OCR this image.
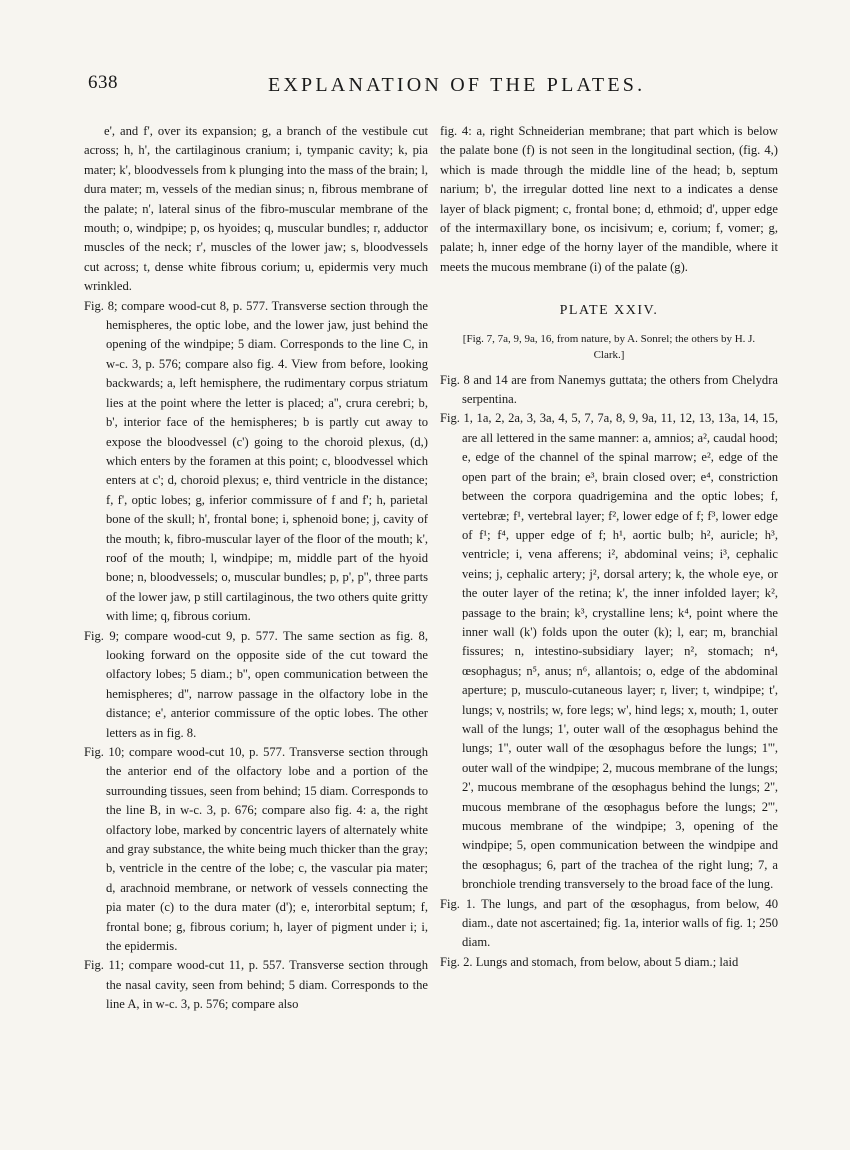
638	EXPLANATION OF THE PLATES.

e', and f', over its expansion; g, a branch of the vestibule cut across; h, h', the cartilaginous cranium; i, tympanic cavity; k, pia mater; k', bloodvessels from k plunging into the mass of the brain; l, dura mater; m, vessels of the median sinus; n, fibrous membrane of the palate; n', lateral sinus of the fibro-muscular membrane of the mouth; o, windpipe; p, os hyoides; q, muscular bundles; r, adductor muscles of the neck; r', muscles of the lower jaw; s, bloodvessels cut across; t, dense white fibrous corium; u, epidermis very much wrinkled.

Fig. 8; compare wood-cut 8, p. 577. Transverse section through the hemispheres, the optic lobe, and the lower jaw, just behind the opening of the windpipe; 5 diam. Corresponds to the line C, in w-c. 3, p. 576; compare also fig. 4. View from before, looking backwards; a, left hemisphere, the rudimentary corpus striatum lies at the point where the letter is placed; a'', crura cerebri; b, b', interior face of the hemispheres; b is partly cut away to expose the bloodvessel (c') going to the choroid plexus, (d,) which enters by the foramen at this point; c, bloodvessel which enters at c'; d, choroid plexus; e, third ventricle in the distance; f, f', optic lobes; g, inferior commissure of f and f'; h, parietal bone of the skull; h', frontal bone; i, sphenoid bone; j, cavity of the mouth; k, fibro-muscular layer of the floor of the mouth; k', roof of the mouth; l, windpipe; m, middle part of the hyoid bone; n, bloodvessels; o, muscular bundles; p, p', p'', three parts of the lower jaw, p still cartilaginous, the two others quite gritty with lime; q, fibrous corium.

Fig. 9; compare wood-cut 9, p. 577. The same section as fig. 8, looking forward on the opposite side of the cut toward the olfactory lobes; 5 diam.; b'', open communication between the hemispheres; d'', narrow passage in the olfactory lobe in the distance; e', anterior commissure of the optic lobes. The other letters as in fig. 8.

Fig. 10; compare wood-cut 10, p. 577. Transverse section through the anterior end of the olfactory lobe and a portion of the surrounding tissues, seen from behind; 15 diam. Corresponds to the line B, in w-c. 3, p. 676; compare also fig. 4: a, the right olfactory lobe, marked by concentric layers of alternately white and gray substance, the white being much thicker than the gray; b, ventricle in the centre of the lobe; c, the vascular pia mater; d, arachnoid membrane, or network of vessels connecting the pia mater (c) to the dura mater (d'); e, interorbital septum; f, frontal bone; g, fibrous corium; h, layer of pigment under i; i, the epidermis.

Fig. 11; compare wood-cut 11, p. 557. Transverse section through the nasal cavity, seen from behind; 5 diam. Corresponds to the line A, in w-c. 3, p. 576; compare also

fig. 4: a, right Schneiderian membrane; that part which is below the palate bone (f) is not seen in the longitudinal section, (fig. 4,) which is made through the middle line of the head; b, septum narium; b', the irregular dotted line next to a indicates a dense layer of black pigment; c, frontal bone; d, ethmoid; d', upper edge of the intermaxillary bone, os incisivum; e, corium; f, vomer; g, palate; h, inner edge of the horny layer of the mandible, where it meets the mucous membrane (i) of the palate (g).

PLATE XXIV.
[Fig. 7, 7a, 9, 9a, 16, from nature, by A. Sonrel; the others by H. J. Clark.]

Fig. 8 and 14 are from Nanemys guttata; the others from Chelydra serpentina.

Fig. 1, 1a, 2, 2a, 3, 3a, 4, 5, 7, 7a, 8, 9, 9a, 11, 12, 13, 13a, 14, 15, are all lettered in the same manner: a, amnios; a², caudal hood; e, edge of the channel of the spinal marrow; e², edge of the open part of the brain; e³, brain closed over; e⁴, constriction between the corpora quadrigemina and the optic lobes; f, vertebræ; f¹, vertebral layer; f², lower edge of f; f³, lower edge of f¹; f⁴, upper edge of f; h¹, aortic bulb; h², auricle; h³, ventricle; i, vena afferens; i², abdominal veins; i³, cephalic veins; j, cephalic artery; j², dorsal artery; k, the whole eye, or the outer layer of the retina; k', the inner infolded layer; k², passage to the brain; k³, crystalline lens; k⁴, point where the inner wall (k') folds upon the outer (k); l, ear; m, branchial fissures; n, intestino-subsidiary layer; n², stomach; n⁴, œsophagus; n⁵, anus; n⁶, allantois; o, edge of the abdominal aperture; p, musculo-cutaneous layer; r, liver; t, windpipe; t', lungs; v, nostrils; w, fore legs; w', hind legs; x, mouth; 1, outer wall of the lungs; 1', outer wall of the œsophagus behind the lungs; 1'', outer wall of the œsophagus before the lungs; 1''', outer wall of the windpipe; 2, mucous membrane of the lungs; 2', mucous membrane of the œsophagus behind the lungs; 2'', mucous membrane of the œsophagus before the lungs; 2''', mucous membrane of the windpipe; 3, opening of the windpipe; 5, open communication between the windpipe and the œsophagus; 6, part of the trachea of the right lung; 7, a bronchiole trending transversely to the broad face of the lung.

Fig. 1. The lungs, and part of the œsophagus, from below, 40 diam., date not ascertained; fig. 1a, interior walls of fig. 1; 250 diam.

Fig. 2. Lungs and stomach, from below, about 5 diam.; laid
